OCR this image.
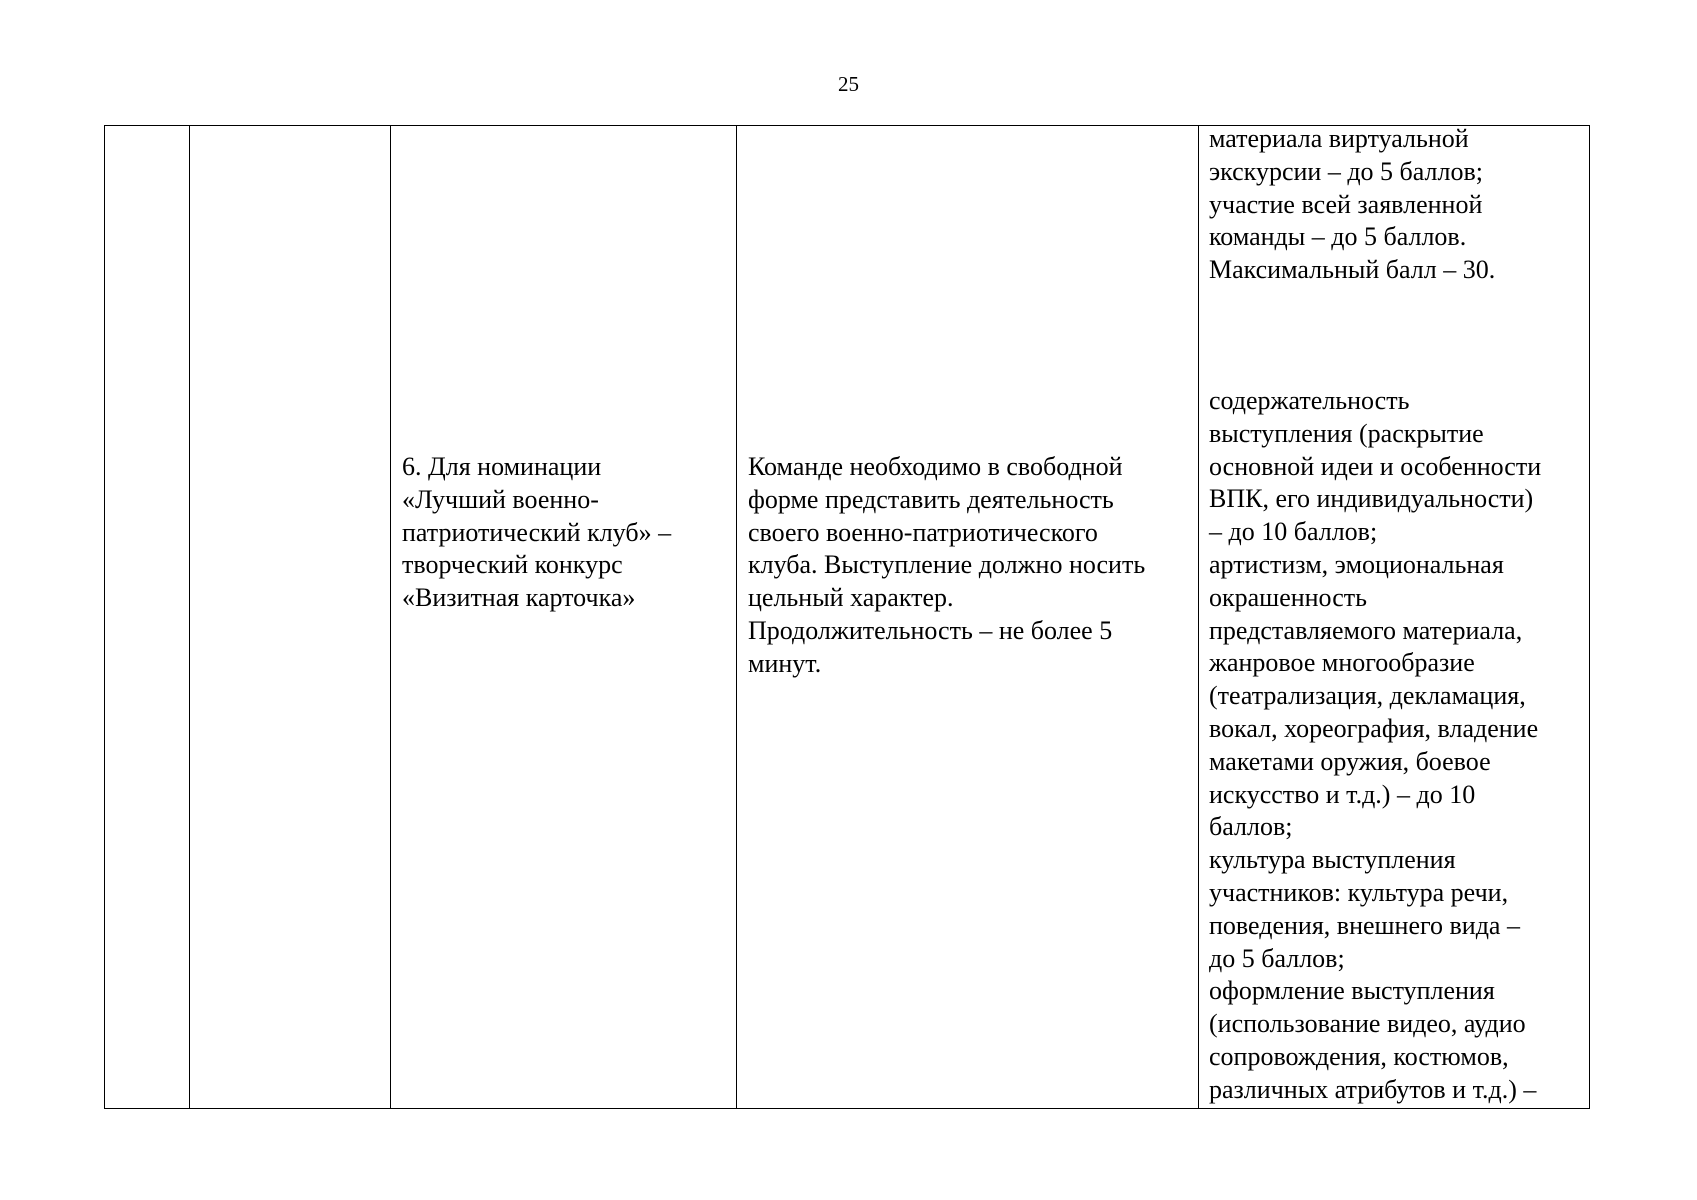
25
материала виртуальной
экскурсии – до 5 баллов;
участие всей заявленной
команды – до 5 баллов.
Максимальный балл – 30.
6. Для номинации
«Лучший военно-
патриотический клуб» –
творческий конкурс
«Визитная карточка»
Команде необходимо в свободной
форме представить деятельность
своего военно-патриотического
клуба. Выступление должно носить
цельный характер.
Продолжительность – не более 5
минут.
содержательность
выступления (раскрытие
основной идеи и особенности
ВПК, его индивидуальности)
– до 10 баллов;
артистизм, эмоциональная
окрашенность
представляемого материала,
жанровое многообразие
(театрализация, декламация,
вокал, хореография, владение
макетами оружия, боевое
искусство и т.д.) – до 10
баллов;
культура выступления
участников: культура речи,
поведения, внешнего вида –
до 5 баллов;
оформление выступления
(использование видео, аудио
сопровождения, костюмов,
различных атрибутов и т.д.) –
